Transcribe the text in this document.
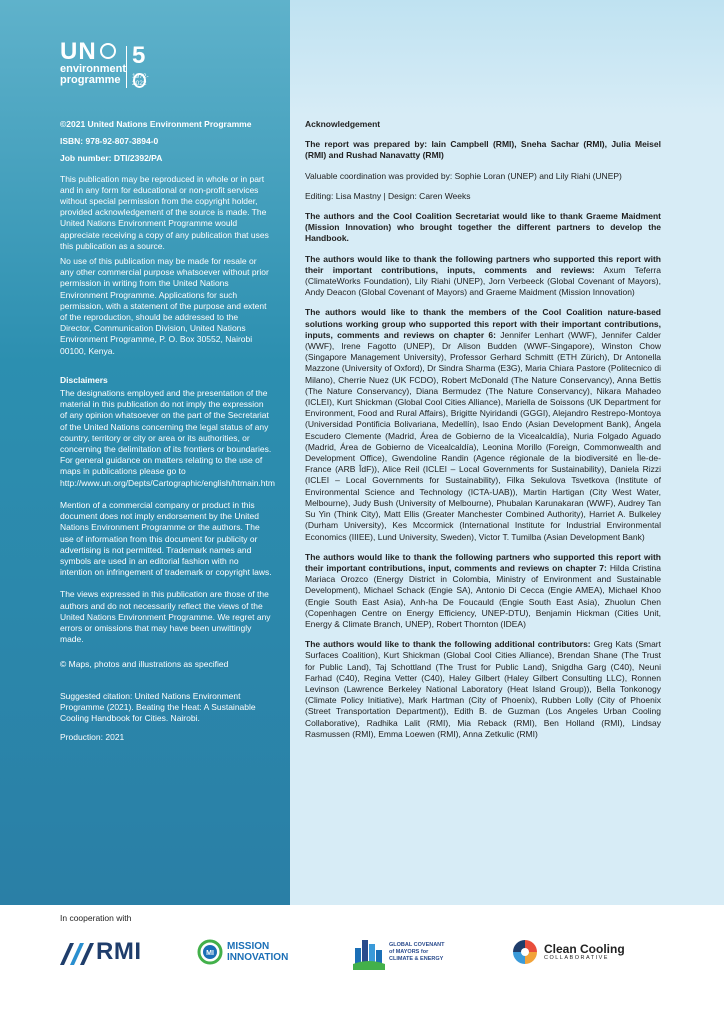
UN
environment
programme
5
1972-2022

©2021 United Nations Environment Programme

ISBN: 978-92-807-3894-0

Job number: DTI/2392/PA

This publication may be reproduced in whole or in part and in any form for educational or non-profit services without special permission from the copyright holder, provided acknowledgement of the source is made. The United Nations Environment Programme would appreciate receiving a copy of any publication that uses this publication as a source.

No use of this publication may be made for resale or any other commercial purpose whatsoever without prior permission in writing from the United Nations Environment Programme. Applications for such permission, with a statement of the purpose and extent of the reproduction, should be addressed to the Director, Communication Division, United Nations Environment Programme, P. O. Box 30552, Nairobi 00100, Kenya.

Disclaimers

The designations employed and the presentation of the material in this publication do not imply the expression of any opinion whatsoever on the part of the Secretariat of the United Nations concerning the legal status of any country, territory or city or area or its authorities, or concerning the delimitation of its frontiers or boundaries. For general guidance on matters relating to the use of maps in publications please go to http://www.un.org/Depts/Cartographic/english/htmain.htm

Mention of a commercial company or product in this document does not imply endorsement by the United Nations Environment Programme or the authors. The use of information from this document for publicity or advertising is not permitted. Trademark names and symbols are used in an editorial fashion with no intention on infringement of trademark or copyright laws.

The views expressed in this publication are those of the authors and do not necessarily reflect the views of the United Nations Environment Programme. We regret any errors or omissions that may have been unwittingly made.

© Maps, photos and illustrations as specified

Suggested citation: United Nations Environment Programme (2021). Beating the Heat: A Sustainable Cooling Handbook for Cities. Nairobi.

Production: 2021

Acknowledgement

The report was prepared by: Iain Campbell (RMI), Sneha Sachar (RMI), Julia Meisel (RMI) and Rushad Nanavatty (RMI)

Valuable coordination was provided by: Sophie Loran (UNEP) and Lily Riahi (UNEP)

Editing: Lisa Mastny | Design: Caren Weeks

The authors and the Cool Coalition Secretariat would like to thank Graeme Maidment (Mission Innovation) who brought together the different partners to develop the Handbook.

The authors would like to thank the following partners who supported this report with their important contributions, inputs, comments and reviews: Axum Teferra (ClimateWorks Foundation), Lily Riahi (UNEP), Jorn Verbeeck (Global Covenant of Mayors), Andy Deacon (Global Covenant of Mayors) and Graeme Maidment (Mission Innovation)

The authors would like to thank the members of the Cool Coalition nature-based solutions working group who supported this report with their important contributions, inputs, comments and reviews on chapter 6: Jennifer Lenhart (WWF), Jennifer Calder (WWF), Irene Fagotto (UNEP), Dr Alison Budden (WWF-Singapore), Winston Chow (Singapore Management University), Professor Gerhard Schmitt (ETH Zürich), Dr Antonella Mazzone (University of Oxford), Dr Sindra Sharma (E3G), Maria Chiara Pastore (Politecnico di Milano), Cherrie Nuez (UK FCDO), Robert McDonald (The Nature Conservancy), Anna Bettis (The Nature Conservancy), Diana Bermudez (The Nature Conservancy), Nikara Mahadeo (ICLEI), Kurt Shickman (Global Cool Cities Alliance), Mariella de Soissons (UK Department for Environment, Food and Rural Affairs), Brigitte Nyiridandi (GGGI), Alejandro Restrepo-Montoya (Universidad Pontificia Bolivariana, Medellín), Isao Endo (Asian Development Bank), Ángela Escudero Clemente (Madrid, Área de Gobierno de la Vicealcaldía), Nuria Folgado Aguado (Madrid, Área de Gobierno de Vicealcaldía), Leonina Morillo (Foreign, Commonwealth and Development Office), Gwendoline Randin (Agence régionale de la biodiversité en Île-de-France (ARB ÎdF)), Alice Reil (ICLEI – Local Governments for Sustainability), Daniela Rizzi (ICLEI – Local Governments for Sustainability), Filka Sekulova Tsvetkova (Institute of Environmental Science and Technology (ICTA-UAB)), Martin Hartigan (City West Water, Melbourne), Judy Bush (University of Melbourne), Phubalan Karunakaran (WWF), Audrey Tan Su Yin (Think City), Matt Ellis (Greater Manchester Combined Authority), Harriet A. Bulkeley (Durham University), Kes Mccormick (International Institute for Industrial Environmental Economics (IIIEE), Lund University, Sweden), Victor T. Tumilba (Asian Development Bank)

The authors would like to thank the following partners who supported this report with their important contributions, input, comments and reviews on chapter 7: Hilda Cristina Mariaca Orozco (Energy District in Colombia, Ministry of Environment and Sustainable Development), Michael Schack (Engie SA), Antonio Di Cecca (Engie AMEA), Michael Khoo (Engie South East Asia), Anh-ha De Foucauld (Engie South East Asia), Zhuolun Chen (Copenhagen Centre on Energy Efficiency, UNEP-DTU), Benjamin Hickman (Cities Unit, Energy & Climate Branch, UNEP), Robert Thornton (IDEA)

The authors would like to thank the following additional contributors: Greg Kats (Smart Surfaces Coalition), Kurt Shickman (Global Cool Cities Alliance), Brendan Shane (The Trust for Public Land), Taj Schottland (The Trust for Public Land), Snigdha Garg (C40), Neuni Farhad (C40), Regina Vetter (C40), Haley Gilbert (Haley Gilbert Consulting LLC), Ronnen Levinson (Lawrence Berkeley National Laboratory (Heat Island Group)), Bella Tonkonogy (Climate Policy Initiative), Mark Hartman (City of Phoenix), Rubben Lolly (City of Phoenix (Street Transportation Department)), Edith B. de Guzman (Los Angeles Urban Cooling Collaborative), Radhika Lalit (RMI), Mia Reback (RMI), Ben Holland (RMI), Lindsay Rasmussen (RMI), Emma Loewen (RMI), Anna Zetkulic (RMI)

In cooperation with
RMI	MI
MISSION
INNOVATION
GLOBAL COVENANT
of MAYORS for
CLIMATE & ENERGY
Clean Cooling
COLLABORATIVE
